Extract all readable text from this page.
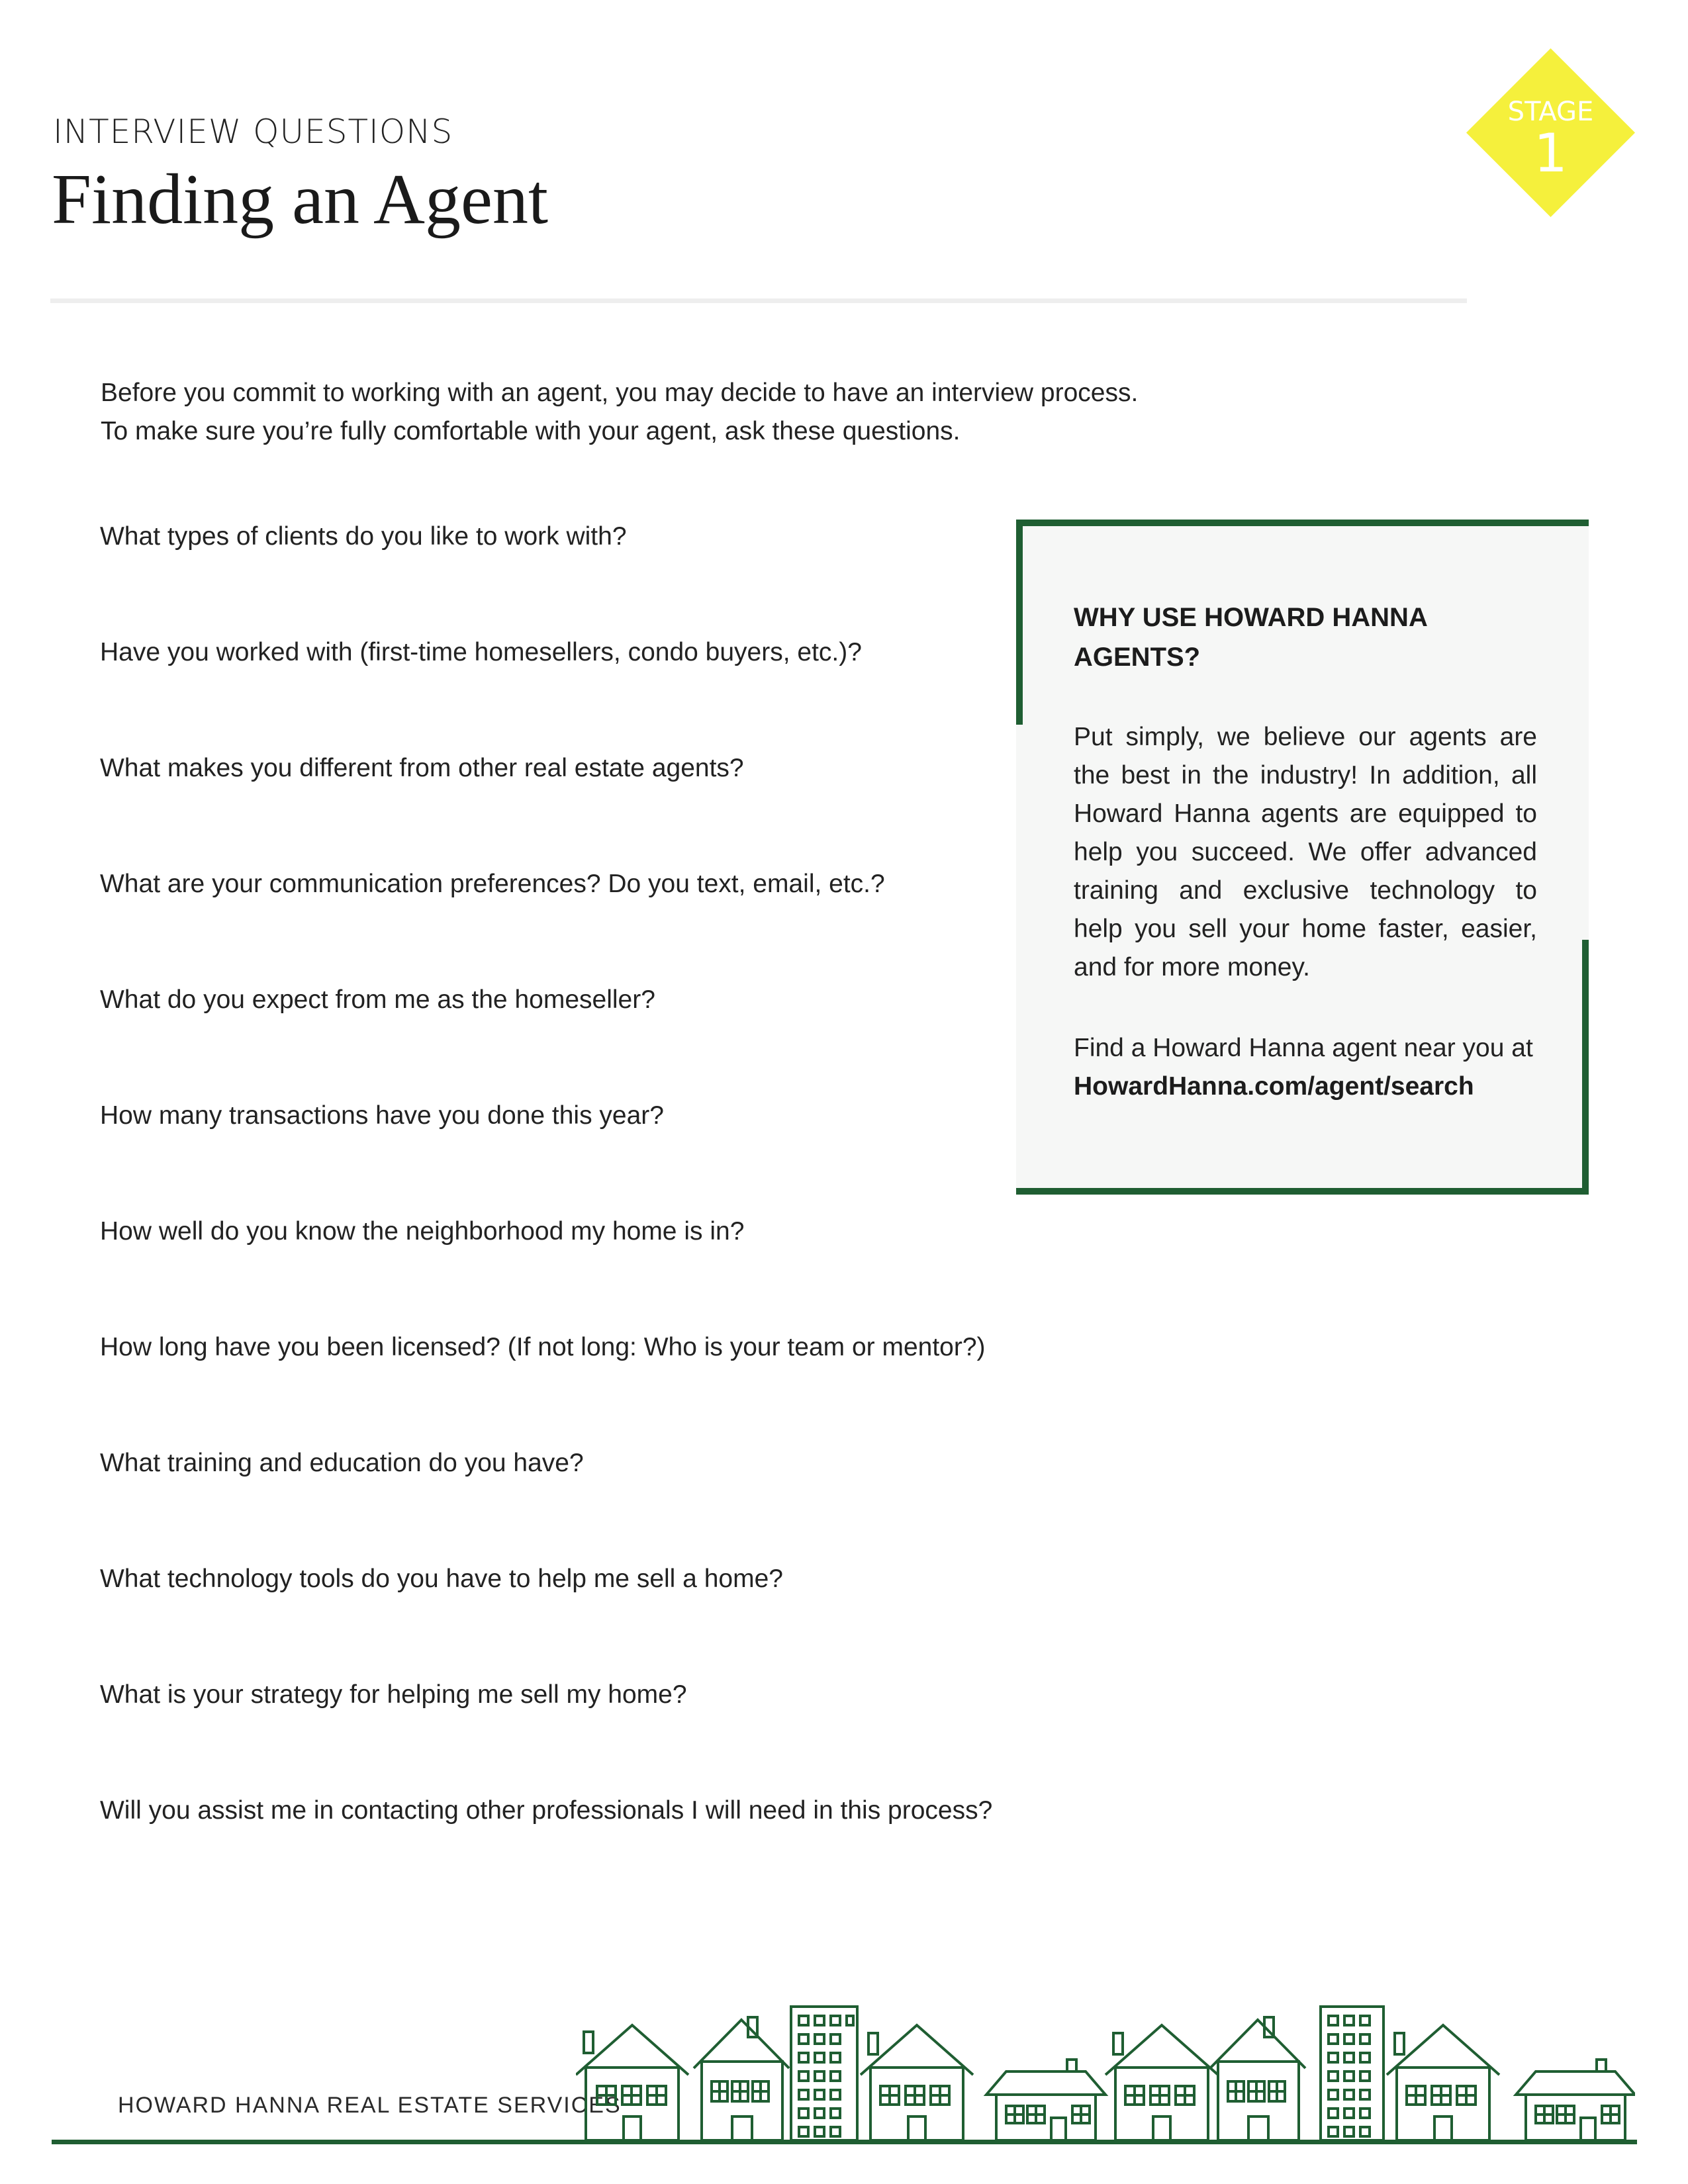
INTERVIEW QUESTIONS
Finding an Agent
STAGE
1
Before you commit to working with an agent, you may decide to have an interview process.
To make sure you’re fully comfortable with your agent, ask these questions.
What types of clients do you like to work with?
Have you worked with (first-time homesellers, condo buyers, etc.)?
What makes you different from other real estate agents?
What are your communication preferences? Do you text, email, etc.?
What do you expect from me as the homeseller?
How many transactions have you done this year?
How well do you know the neighborhood my home is in?
How long have you been licensed? (If not long: Who is your team or mentor?)
What training and education do you have?
What technology tools do you have to help me sell a home?
What is your strategy for helping me sell my home?
Will you assist me in contacting other professionals I will need in this process?
WHY USE HOWARD HANNA AGENTS?
Put simply, we believe our agents are the best in the industry! In addition, all Howard Hanna agents are equipped to help you succeed. We offer advanced training and exclusive technology to help you sell your home faster, easier, and for more money.
Find a Howard Hanna agent near you at
HowardHanna.com/agent/search
HOWARD HANNA REAL ESTATE SERVICES
